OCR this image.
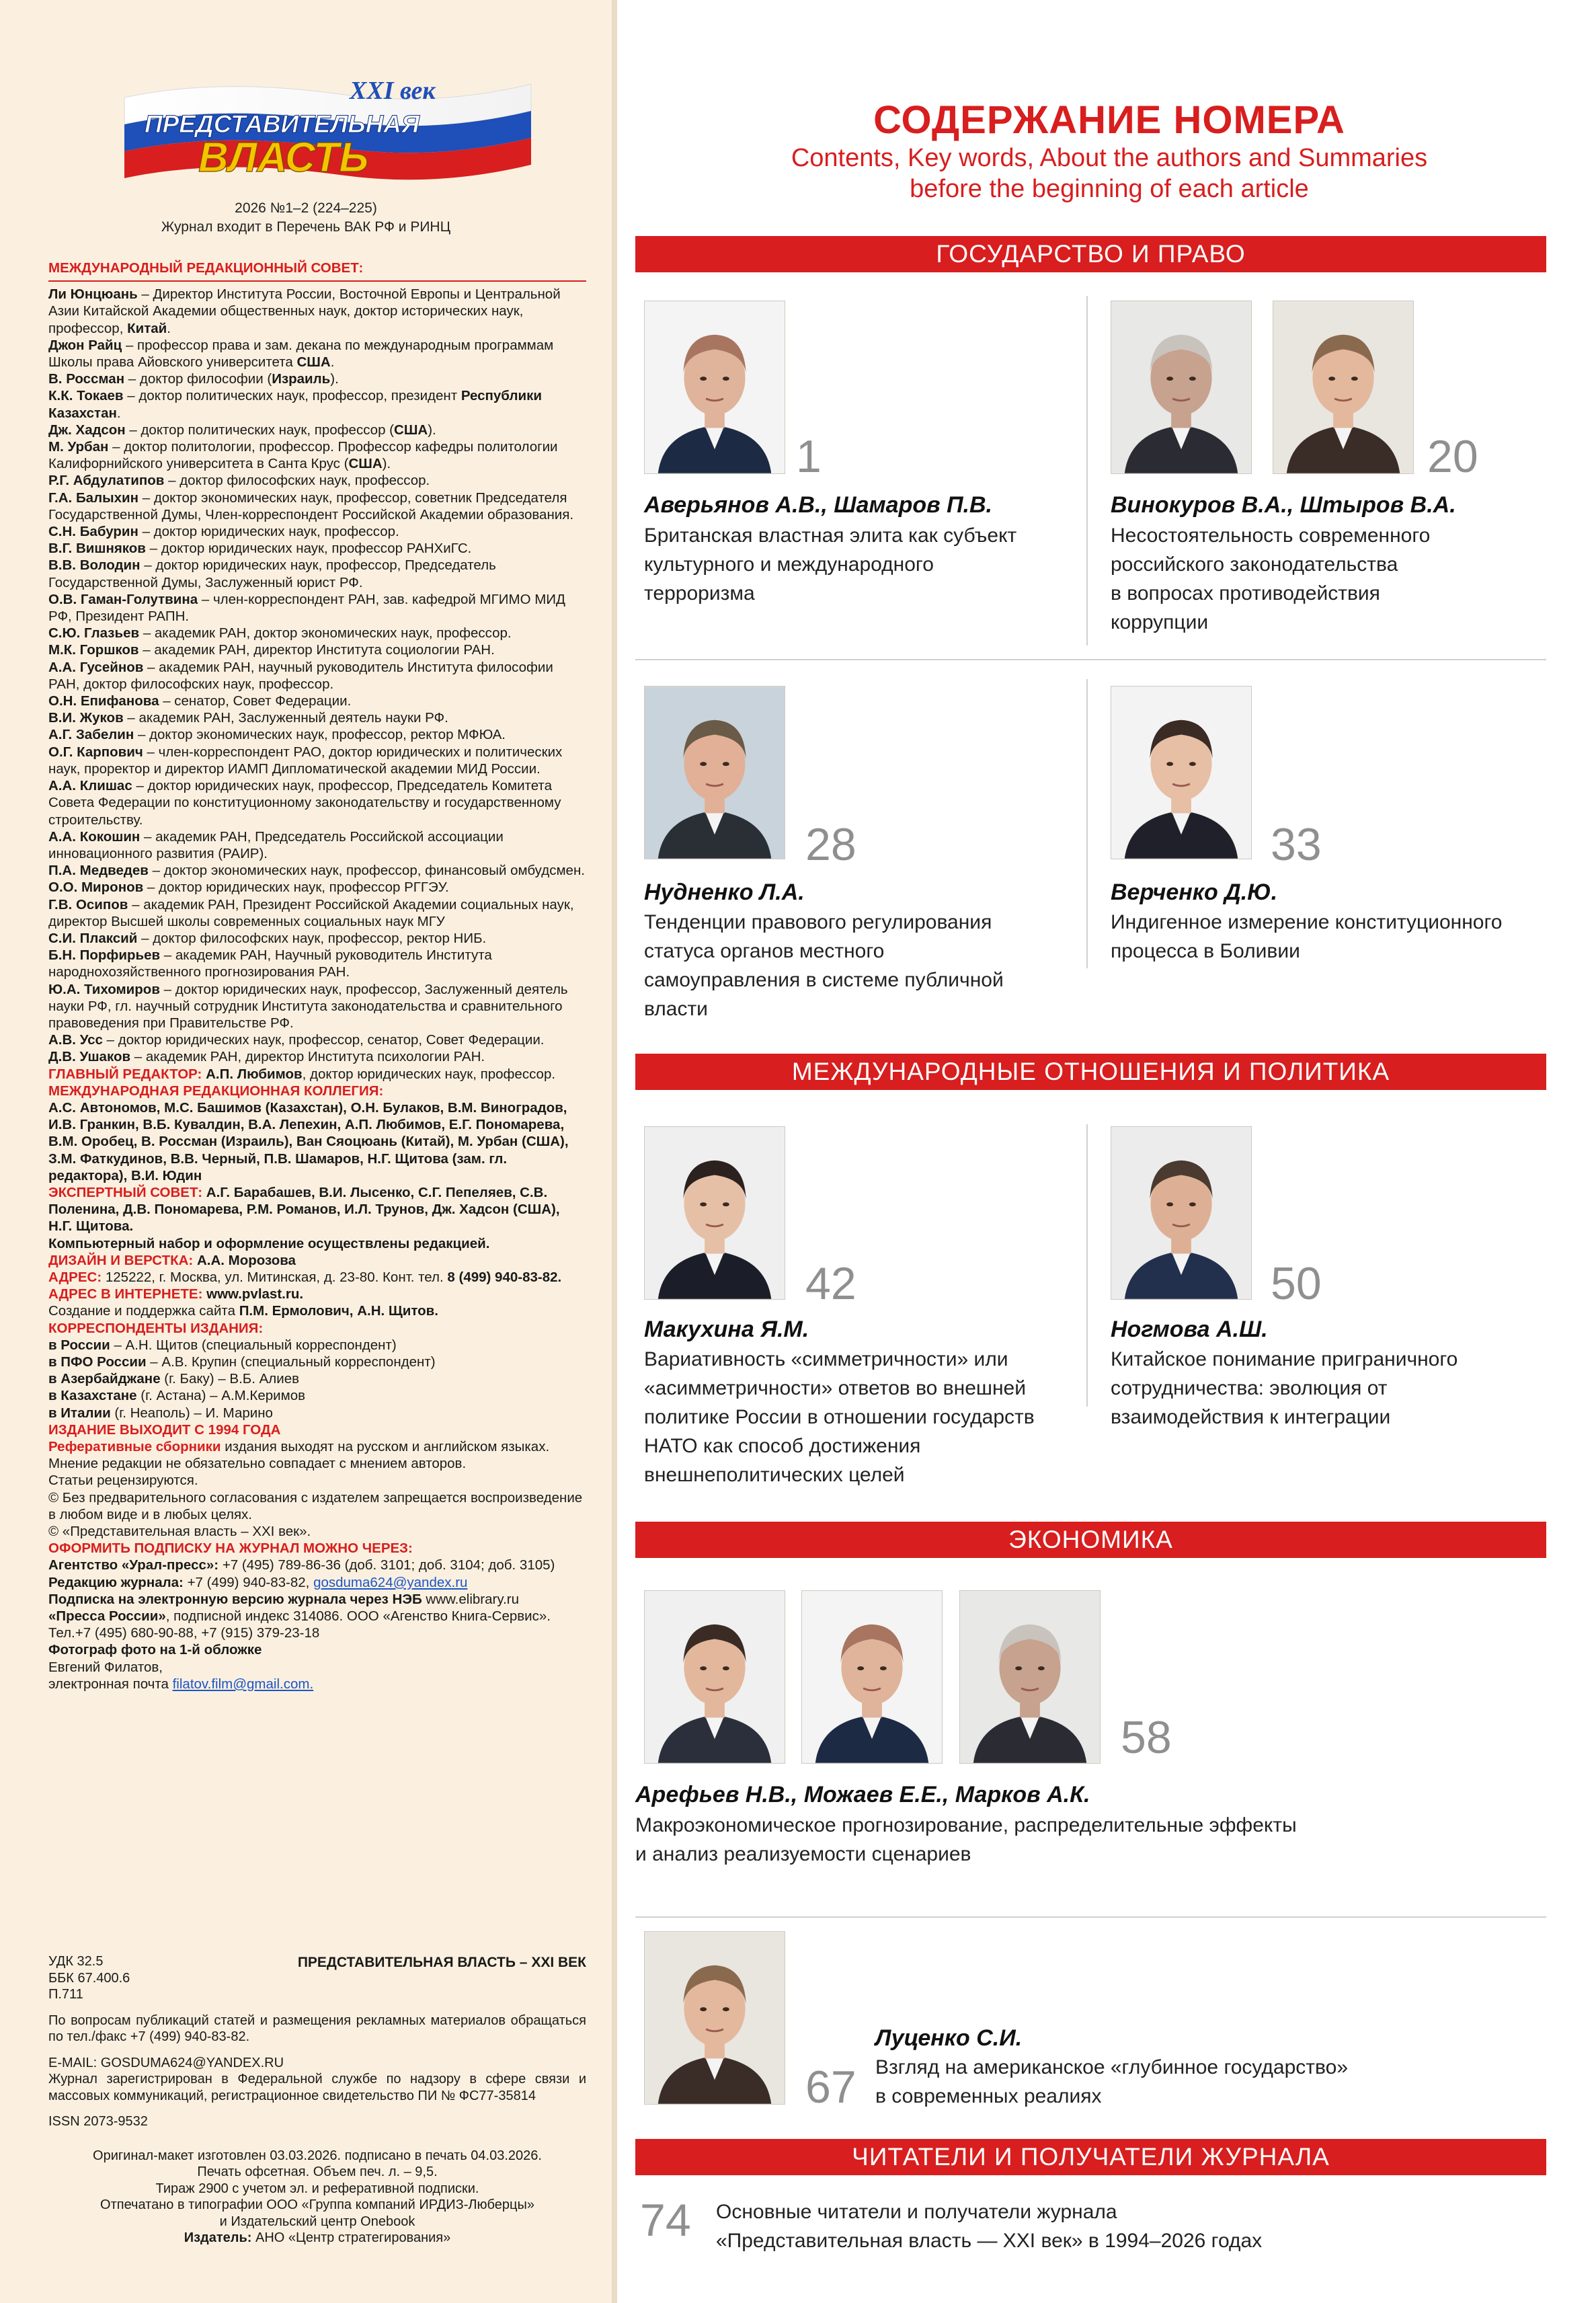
XXI век
ПРЕДСТАВИТЕЛЬНАЯ
ВЛАСТЬ
2026 №1–2 (224–225)
Журнал входит в Перечень ВАК РФ и РИНЦ
МЕЖДУНАРОДНЫЙ РЕДАКЦИОННЫЙ СОВЕТ:

Ли Юнцюань – Директор Института России, Восточной Европы и Центральной Азии Китайской Академии общественных наук, доктор исторических наук, профессор, Китай.

Джон Райц – профессор права и зам. декана по международным программам Школы права Айовского университета США.

В. Россман – доктор философии (Израиль).

К.К. Токаев – доктор политических наук, профессор, президент Республики Казахстан.

Дж. Хадсон – доктор политических наук, профессор (США).

М. Урбан – доктор политологии, профессор. Профессор кафедры политологии Калифорнийского университета в Санта Крус (США).

Р.Г. Абдулатипов – доктор философских наук, профессор.

Г.А. Балыхин – доктор экономических наук, профессор, советник Председателя Государственной Думы, Член-корреспондент Российской Академии образования.

С.Н. Бабурин – доктор юридических наук, профессор.

В.Г. Вишняков – доктор юридических наук, профессор РАНХиГС.

В.В. Володин – доктор юридических наук, профессор, Председатель Государственной Думы, Заслуженный юрист РФ.

О.В. Гаман-Голутвина – член-корреспондент РАН, зав. кафедрой МГИМО МИД РФ, Президент РАПН.

С.Ю. Глазьев – академик РАН, доктор экономических наук, профессор.

М.К. Горшков – академик РАН, директор Института социологии РАН.

А.А. Гусейнов – академик РАН, научный руководитель Института философии РАН, доктор философских наук, профессор.

О.Н. Епифанова – сенатор, Совет Федерации.

В.И. Жуков – академик РАН, Заслуженный деятель науки РФ.

А.Г. Забелин – доктор экономических наук, профессор, ректор МФЮА.

О.Г. Карпович – член-корреспондент РАО, доктор юридических и политических наук, проректор и директор ИАМП Дипломатической академии МИД России.

А.А. Клишас – доктор юридических наук, профессор, Председатель Комитета Совета Федерации по конституционному законодательству и государственному строительству.

А.А. Кокошин – академик РАН, Председатель Российской ассоциации инновационного развития (РАИР).

П.А. Медведев – доктор экономических наук, профессор, финансовый омбудсмен.

О.О. Миронов – доктор юридических наук, профессор РГГЭУ.

Г.В. Осипов – академик РАН, Президент Российской Академии социальных наук, директор Высшей школы современных социальных наук МГУ

С.И. Плаксий – доктор философских наук, профессор, ректор НИБ.

Б.Н. Порфирьев – академик РАН, Научный руководитель Института народнохозяйственного прогнозирования РАН.

Ю.А. Тихомиров – доктор юридических наук, профессор, Заслуженный деятель науки РФ, гл. научный сотрудник Института законодательства и сравнительного правоведения при Правительстве РФ.

А.В. Усс – доктор юридических наук, профессор, сенатор, Совет Федерации.

Д.В. Ушаков – академик РАН, директор Института психологии РАН.

ГЛАВНЫЙ РЕДАКТОР: А.П. Любимов, доктор юридических наук, профессор.

МЕЖДУНАРОДНАЯ РЕДАКЦИОННАЯ КОЛЛЕГИЯ:

А.С. Автономов, М.С. Башимов (Казахстан), О.Н. Булаков, В.М. Виноградов, И.В. Гранкин, В.Б. Кувалдин, В.А. Лепехин, А.П. Любимов, Е.Г. Пономарева, В.М. Оробец, В. Россман (Израиль), Ван Сяоцюань (Китай), М. Урбан (США), З.М. Фаткудинов, В.В. Черный, П.В. Шамаров, Н.Г. Щитова (зам. гл. редактора), В.И. Юдин

ЭКСПЕРТНЫЙ СОВЕТ: А.Г. Барабашев, В.И. Лысенко, С.Г. Пепеляев, С.В. Поленина, Д.В. Пономарева, Р.М. Романов, И.Л. Трунов, Дж. Хадсон (США), Н.Г. Щитова.

Компьютерный набор и оформление осуществлены редакцией.

ДИЗАЙН И ВЕРСТКА: А.А. Морозова

АДРЕС: 125222, г. Москва, ул. Митинская, д. 23-80. Конт. тел. 8 (499) 940-83-82.

АДРЕС В ИНТЕРНЕТЕ: www.pvlast.ru.

Создание и поддержка сайта П.М. Ермолович, А.Н. Щитов.

КОРРЕСПОНДЕНТЫ ИЗДАНИЯ:

в России – А.Н. Щитов (специальный корреспондент)

в ПФО России – А.В. Крупин (специальный корреспондент)

в Азербайджане (г. Баку) – В.Б. Алиев

в Казахстане (г. Астана) – А.М.Керимов

в Италии (г. Неаполь) – И. Марино

ИЗДАНИЕ ВЫХОДИТ С 1994 ГОДА

Реферативные сборники издания выходят на русском и английском языках.

Мнение редакции не обязательно совпадает с мнением авторов.

Статьи рецензируются.

© Без предварительного согласования с издателем запрещается воспроизведение в любом виде и в любых целях.

© «Представительная власть – XXI век».

ОФОРМИТЬ ПОДПИСКУ НА ЖУРНАЛ МОЖНО ЧЕРЕЗ:

Агентство «Урал-пресс»: +7 (495) 789-86-36 (доб. 3101; доб. 3104; доб. 3105)

Редакцию журнала: +7 (499) 940-83-82, gosduma624@yandex.ru

Подписка на электронную версию журнала через НЭБ www.elibrary.ru

«Пресса России», подписной индекс 314086. ООО «Агенство Книга-Сервис».

Тел.+7 (495) 680-90-88, +7 (915) 379-23-18

Фотограф фото на 1-й обложке

Евгений Филатов,

электронная почта filatov.film@gmail.com.

УДК 32.5
ББК 67.400.6
П.711
ПРЕДСТАВИТЕЛЬНАЯ ВЛАСТЬ – XXI ВЕК

По вопросам публикаций статей и размещения рекламных материалов обращаться по тел./факс +7 (499) 940-83-82.

E-MAIL: GOSDUMA624@YANDEX.RU

Журнал зарегистрирован в Федеральной службе по надзору в сфере связи и массовых коммуникаций, регистрационное свидетельство ПИ № ФС77-35814

ISSN 2073-9532

Оригинал-макет изготовлен 03.03.2026. подписано в печать 04.03.2026.

Печать офсетная. Объем печ. л. – 9,5.

Тираж 2900 с учетом эл. и реферативной подписки.

Отпечатано в типографии ООО «Группа компаний ИРДИЗ-Люберцы»

и Издательский центр Onebook

Издатель: АНО «Центр стратегирования»

СОДЕРЖАНИЕ НОМЕРА
Contents, Key words, About the authors and Summaries
before the beginning of each article
ГОСУДАРСТВО И ПРАВО
МЕЖДУНАРОДНЫЕ ОТНОШЕНИЯ И ПОЛИТИКА
ЭКОНОМИКА
ЧИТАТЕЛИ И ПОЛУЧАТЕЛИ ЖУРНАЛА
1
Аверьянов А.В., Шамаров П.В.
Британская властная элита как субъект
культурного и международного
терроризма
20
Винокуров В.А., Штыров В.А.
Несостоятельность современного
российского законодательства
в вопросах противодействия
коррупции
28
Нудненко Л.А.
Тенденции правового регулирования
статуса органов местного
самоуправления в системе публичной
власти
33
Верченко Д.Ю.
Индигенное измерение конституционного
процесса в Боливии
42
Макухина Я.М.
Вариативность «симметричности» или
«асимметричности» ответов во внешней
политике России в отношении государств
НАТО как способ достижения
внешнеполитических целей
50
Ногмова А.Ш.
Китайское понимание приграничного
сотрудничества: эволюция от
взаимодействия к интеграции
58
Арефьев Н.В., Можаев Е.Е., Марков А.К.
Макроэкономическое прогнозирование, распределительные эффекты
и анализ реализуемости сценариев
67
Луценко С.И.
Взгляд на американское «глубинное государство»
в современных реалиях
74 Основные читатели и получатели журнала
«Представительная власть — XXI век» в 1994–2026 годах
